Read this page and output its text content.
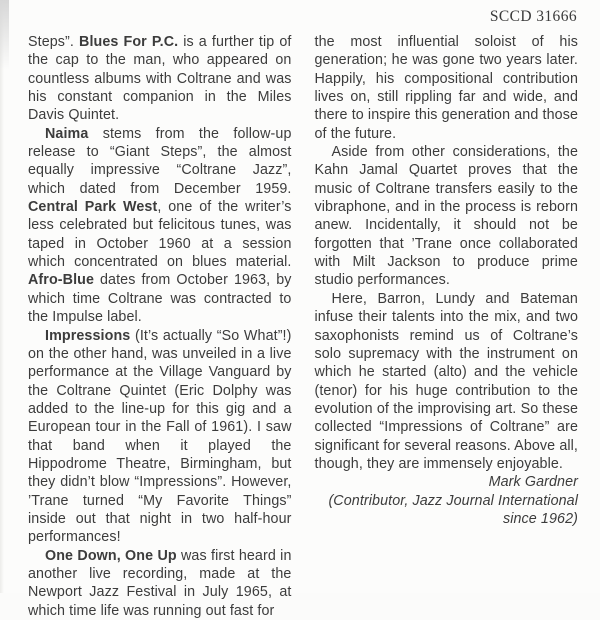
SCCD 31666

Steps”. Blues For P.C. is a further tip of the cap to the man, who appeared on countless albums with Coltrane and was his constant companion in the Miles Davis Quintet.

Naima stems from the follow-up release to “Giant Steps”, the almost equally impressive “Coltrane Jazz”, which dated from December 1959. Central Park West, one of the writer’s less celebrated but felicitous tunes, was taped in October 1960 at a session which concentrated on blues material. Afro-Blue dates from October 1963, by which time Coltrane was contracted to the Impulse label.

Impressions (It’s actually “So What”!) on the other hand, was unveiled in a live performance at the Village Vanguard by the Coltrane Quintet (Eric Dolphy was added to the line-up for this gig and a European tour in the Fall of 1961). I saw that band when it played the Hippodrome Theatre, Birmingham, but they didn’t blow “Impressions”. However, ’Trane turned “My Favorite Things” inside out that night in two half-hour performances!

One Down, One Up was first heard in another live recording, made at the Newport Jazz Festival in July 1965, at which time life was running out fast for

the most influential soloist of his generation; he was gone two years later. Happily, his compositional contribution lives on, still rippling far and wide, and there to inspire this generation and those of the future.

Aside from other considerations, the Kahn Jamal Quartet proves that the music of Coltrane transfers easily to the vibraphone, and in the process is reborn anew. Incidentally, it should not be forgotten that ’Trane once collaborated with Milt Jackson to produce prime studio performances.

Here, Barron, Lundy and Bateman infuse their talents into the mix, and two saxophonists remind us of Coltrane’s solo supremacy with the instrument on which he started (alto) and the vehicle (tenor) for his huge contribution to the evolution of the improvising art. So these collected “Impressions of Coltrane” are significant for several reasons. Above all, though, they are immensely enjoyable.

Mark Gardner

(Contributor, Jazz Journal International since 1962)
